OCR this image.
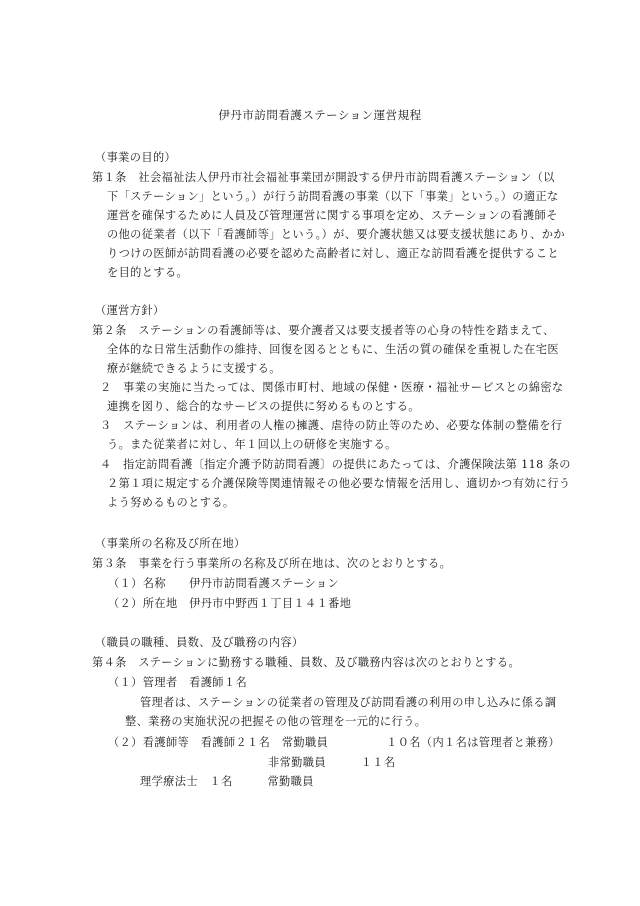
伊丹市訪問看護ステーション運営規程
（事業の目的）
第１条　社会福祉法人伊丹市社会福祉事業団が開設する伊丹市訪問看護ステーション（以
下「ステーション」という。）が行う訪問看護の事業（以下「事業」という。）の適正な
運営を確保するために人員及び管理運営に関する事項を定め、ステーションの看護師そ
の他の従業者（以下「看護師等」という。）が、要介護状態又は要支援状態にあり、かか
りつけの医師が訪問看護の必要を認めた高齢者に対し、適正な訪問看護を提供すること
を目的とする。
（運営方針）
第２条　ステーションの看護師等は、要介護者又は要支援者等の心身の特性を踏まえて、
全体的な日常生活動作の維持、回復を図るとともに、生活の質の確保を重視した在宅医
療が継続できるように支援する。
２　事業の実施に当たっては、関係市町村、地域の保健・医療・福祉サービスとの綿密な
連携を図り、総合的なサービスの提供に努めるものとする。
３　ステーションは、利用者の人権の擁護、虐待の防止等のため、必要な体制の整備を行
う。また従業者に対し、年１回以上の研修を実施する。
４　指定訪問看護〔指定介護予防訪問看護〕の提供にあたっては、介護保険法第 118 条の
２第１項に規定する介護保険等関連情報その他必要な情報を活用し、適切かつ有効に行う
よう努めるものとする。
（事業所の名称及び所在地）
第３条　事業を行う事業所の名称及び所在地は、次のとおりとする。
（１）名称　　伊丹市訪問看護ステーション
（２）所在地　伊丹市中野西１丁目１４１番地
（職員の職種、員数、及び職務の内容）
第４条　ステーションに勤務する職種、員数、及び職務内容は次のとおりとする。
（１）管理者　看護師１名
管理者は、ステーションの従業者の管理及び訪問看護の利用の申し込みに係る調
整、業務の実施状況の把握その他の管理を一元的に行う。
（２）看護師等　看護師２１名　常勤職員　　　　　１０名（内１名は管理者と兼務）
非常勤職員　　　１１名
理学療法士　１名　　　常勤職員
